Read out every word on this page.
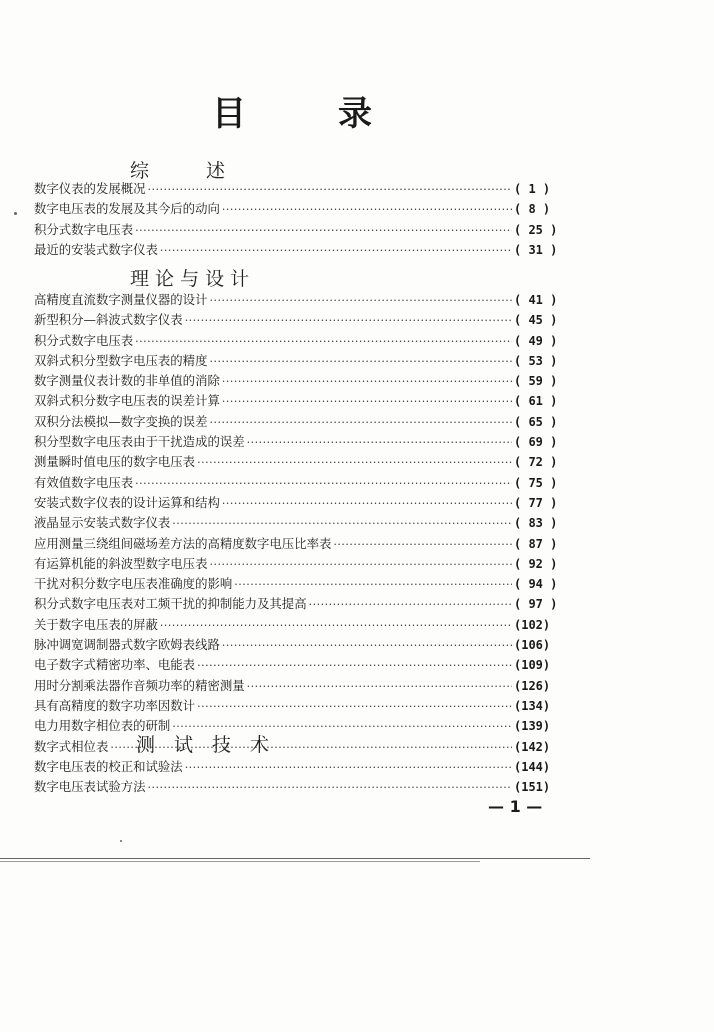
目	录
综　　　述
数字仪表的发展概况 ·····	( 1 )
数字电压表的发展及其今后的动向 ·····	( 8 )
积分式数字电压表 ·····	( 25 )
最近的安装式数字仪表 ·····	( 31 )
理 论 与 设 计
高精度直流数字测量仪器的设计 ·····	( 41 )
新型积分—斜波式数字仪表 ·····	( 45 )
积分式数字电压表 ·····	( 49 )
双斜式积分型数字电压表的精度 ·····	( 53 )
数字测量仪表计数的非单值的消除 ·····	( 59 )
双斜式积分数字电压表的误差计算 ·····	( 61 )
双积分法模拟—数字变换的误差 ·····	( 65 )
积分型数字电压表由于干扰造成的误差 ·····	( 69 )
测量瞬时值电压的数字电压表 ·····	( 72 )
有效值数字电压表 ·····	( 75 )
安装式数字仪表的设计运算和结构 ·····	( 77 )
液晶显示安装式数字仪表 ·····	( 83 )
应用测量三绕组间磁场差方法的高精度数字电压比率表 ·····	( 87 )
有运算机能的斜波型数字电压表 ·····	( 92 )
干扰对积分数字电压表准确度的影响 ·····	( 94 )
积分式数字电压表对工频干扰的抑制能力及其提高 ·····	( 97 )
关于数字电压表的屏蔽 ·····	(102)
脉冲调宽调制器式数字欧姆表线路 ·····	(106)
电子数字式精密功率、电能表 ·····	(109)
用时分割乘法器作音频功率的精密测量 ·····	(126)
具有高精度的数字功率因数计 ·····	(134)
电力用数字相位表的研制 ·····	(139)
数字式相位表 ·····	(142)
测　试　技　术
数字电压表的校正和试验法 ·····	(144)
数字电压表试验方法 ·····	(151)
— 1 —
